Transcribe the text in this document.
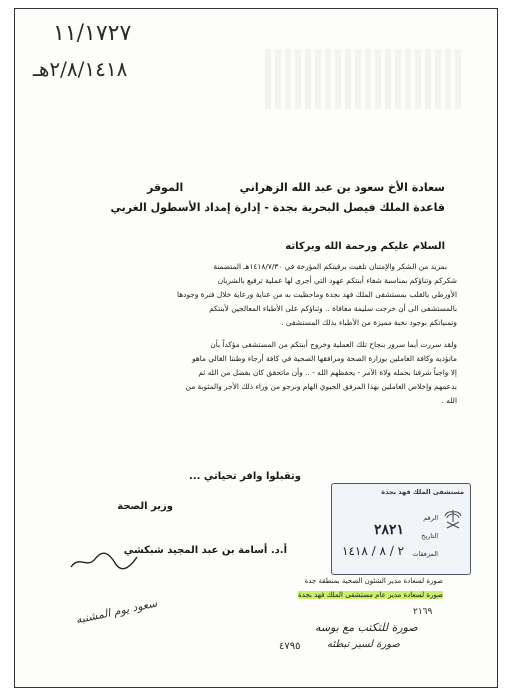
١١/١٧٢٧
٢/٨/١٤١٨هـ
سعادة الأخ سعود بن عبد الله الزهراني
الموقر
قاعدة الملك فيصل البحرية بجدة - إدارة إمداد الأسطول الغربي
السلام عليكم ورحمة الله وبركاته
بمزيد من الشكر والإمتنان تلقيت برقيتكم المؤرخة في ١٤١٨/٧/٣٠هـ المتضمنة
شكركم وتناؤكم بمناسبة شفاء أبنتكم عهود التي أجرى لها عملية ترقيع بالشريان
الأورطي بالقلب بمستشفى الملك فهد بجدة وماحظيت به من عناية ورعاية خلال فترة وجودها
بالمستشفى الى أن خرجت سليمة معافاة .. وثناؤكم على الأطباء المعالجين لأبنتكم
وتمنياتكم بوجود نخبة مميزة من الأطباء بذلك المستشفى .
ولقد سررت أيما سرور بنجاح تلك العملية وخروج أبنتكم من المستشفى مؤكداً بأن
ماتؤديه وكافة العاملين بوزارة الصحة ومرافقها الصحية في كافة أرجاء وطننا الغالي ماهو
إلا واجباً شرفنا بحمله ولاة الأمر - يحفظهم الله - .. وأن ماتحقق كان بفضل من الله ثم
بدعمهم وإخلاص العاملين بهذا المرفق الحيوي الهام ونرجو من وراء ذلك الأجر والمثوبة من
الله .
وتقبلوا وافر تحياتي ...
وزير الصحة
أ.د. أسامة بن عبد المجيد شبكشي
مستشفى الملك فهد بجدة
الرقم
التاريخ
المرفقات
٢٨٢١
٢ / ٨ / ١٤١٨
صورة لسعادة مدير الشئون الصحية بمنطقة جدة
صورة لسعادة مدير عام مستشفى الملك فهد بجدة
٢١٦٩
صورة للتكتب مع بوسه
صورة لسير تبطئه
٤٧٩٥
سعود يوم المشنبه
